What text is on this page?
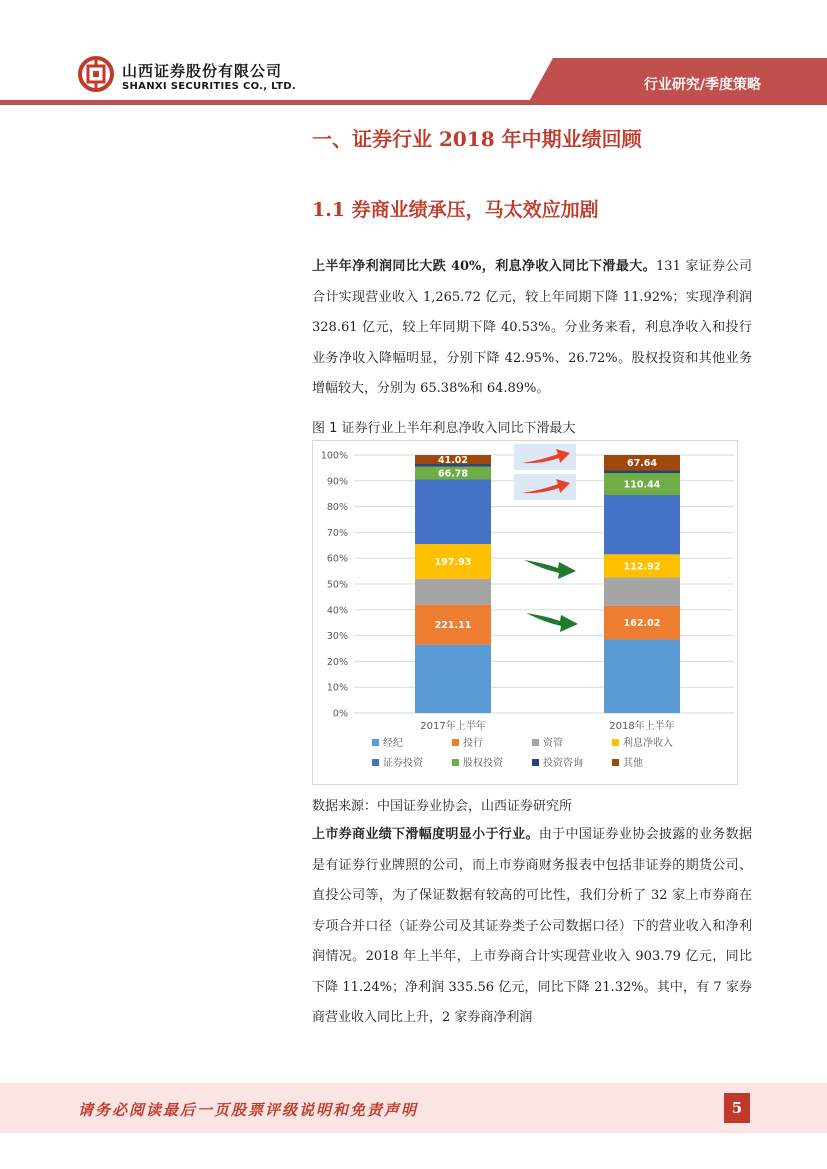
山西证券股份有限公司
SHANXI SECURITIES CO., LTD.	行业研究/季度策略
一、证券行业 2018 年中期业绩回顾
1.1 券商业绩承压，马太效应加剧
上半年净利润同比大跌 40%，利息净收入同比下滑最大。131 家证券公司合计实现营业收入 1,265.72 亿元，较上年同期下降 11.92%；实现净利润 328.61 亿元，较上年同期下降 40.53%。分业务来看，利息净收入和投行业务净收入降幅明显，分别下降 42.95%、26.72%。股权投资和其他业务增幅较大，分别为 65.38%和 64.89%。
图 1 证券行业上半年利息净收入同比下滑最大
0%
10%
20%
30%
40%
50%
60%
70%
80%
90%
100%
221.11
197.93
66.78
41.02
2017年上半年
162.02
112.92
110.44
67.64
2018年上半年
经纪	投行	资管	利息净收入
证券投资	股权投资	投资咨询	其他
数据来源：中国证券业协会，山西证券研究所
上市券商业绩下滑幅度明显小于行业。由于中国证券业协会披露的业务数据是有证券行业牌照的公司，而上市券商财务报表中包括非证券的期货公司、直投公司等，为了保证数据有较高的可比性，我们分析了 32 家上市券商在专项合并口径（证券公司及其证券类子公司数据口径）下的营业收入和净利润情况。2018 年上半年，上市券商合计实现营业收入 903.79 亿元，同比下降 11.24%；净利润 335.56 亿元，同比下降 21.32%。其中，有 7 家券商营业收入同比上升，2 家券商净利润
请务必阅读最后一页股票评级说明和免责声明	5
